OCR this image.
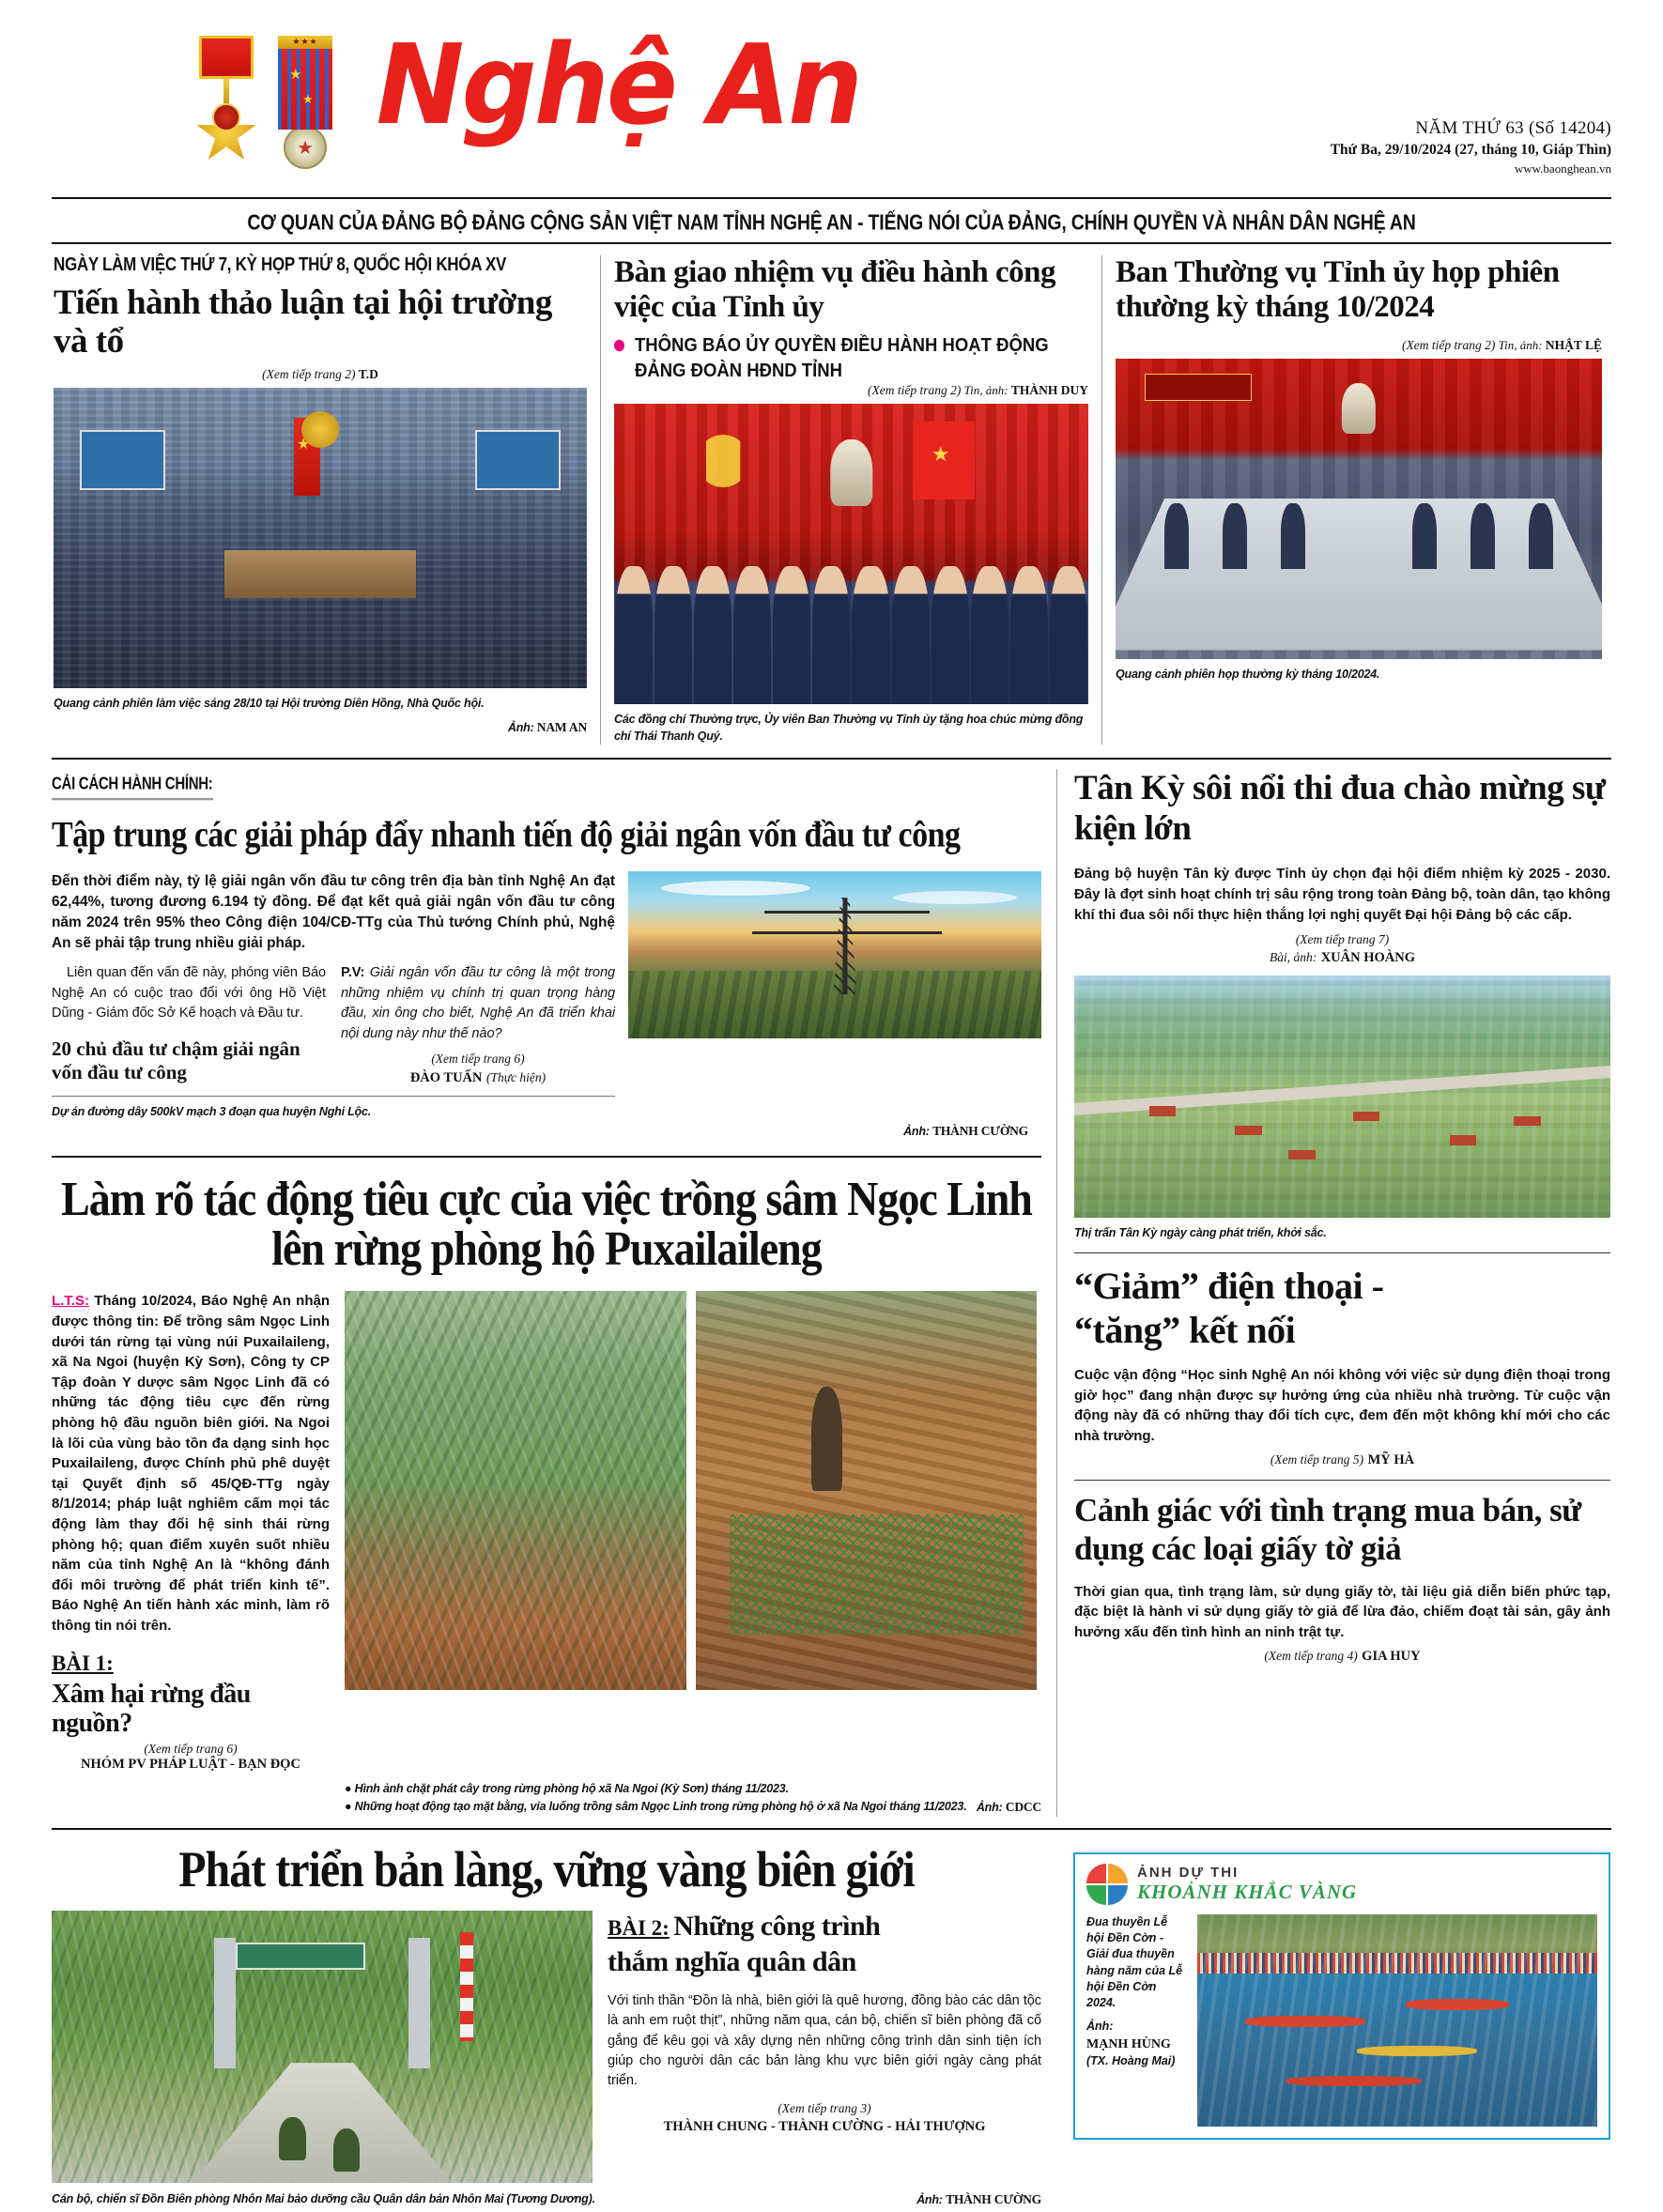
★★★
★ ★
★ Nghệ An	NĂM THỨ 63 (Số 14204)
Thứ Ba, 29/10/2024 (27, tháng 10, Giáp Thìn)
www.baonghean.vn
CƠ QUAN CỦA ĐẢNG BỘ ĐẢNG CỘNG SẢN VIỆT NAM TỈNH NGHỆ AN - TIẾNG NÓI CỦA ĐẢNG, CHÍNH QUYỀN VÀ NHÂN DÂN NGHỆ AN
NGÀY LÀM VIỆC THỨ 7, KỲ HỌP THỨ 8, QUỐC HỘI KHÓA XV
Tiến hành thảo luận tại hội trường và tổ
(Xem tiếp trang 2) T.D
★
Quang cảnh phiên làm việc sáng 28/10 tại Hội trường Diên Hồng, Nhà Quốc hội.
Ảnh: NAM AN
Bàn giao nhiệm vụ điều hành công việc của Tỉnh ủy
THÔNG BÁO ỦY QUYỀN ĐIỀU HÀNH HOẠT ĐỘNG ĐẢNG ĐOÀN HĐND TỈNH
(Xem tiếp trang 2) Tin, ảnh: THÀNH DUY
★
Các đồng chí Thường trực, Ủy viên Ban Thường vụ Tỉnh ủy tặng hoa chúc mừng đồng chí Thái Thanh Quý.
Ban Thường vụ Tỉnh ủy họp phiên thường kỳ tháng 10/2024
(Xem tiếp trang 2) Tin, ảnh: NHẬT LỆ
Quang cảnh phiên họp thường kỳ tháng 10/2024.
CẢI CÁCH HÀNH CHÍNH:
Tập trung các giải pháp đẩy nhanh tiến độ giải ngân vốn đầu tư công
Đến thời điểm này, tỷ lệ giải ngân vốn đầu tư công trên địa bàn tỉnh Nghệ An đạt 62,44%, tương đương 6.194 tỷ đồng. Để đạt kết quả giải ngân vốn đầu tư công năm 2024 trên 95% theo Công điện 104/CĐ-TTg của Thủ tướng Chính phủ, Nghệ An sẽ phải tập trung nhiều giải pháp.
Liên quan đến vấn đề này, phóng viên Báo Nghệ An có cuộc trao đổi với ông Hồ Việt Dũng - Giám đốc Sở Kế hoạch và Đầu tư.
20 chủ đầu tư chậm giải ngân vốn đầu tư công
P.V: Giải ngân vốn đầu tư công là một trong những nhiệm vụ chính trị quan trọng hàng đầu, xin ông cho biết, Nghệ An đã triển khai nội dung này như thế nào?
(Xem tiếp trang 6)
ĐÀO TUẤN (Thực hiện)
Dự án đường dây 500kV mạch 3 đoạn qua huyện Nghi Lộc.
Ảnh: THÀNH CƯỜNG
Làm rõ tác động tiêu cực của việc trồng sâm Ngọc Linh
lên rừng phòng hộ Puxailaileng
L.T.S: Tháng 10/2024, Báo Nghệ An nhận được thông tin: Để trồng sâm Ngọc Linh dưới tán rừng tại vùng núi Puxailaileng, xã Na Ngoi (huyện Kỳ Sơn), Công ty CP Tập đoàn Y dược sâm Ngọc Linh đã có những tác động tiêu cực đến rừng phòng hộ đầu nguồn biên giới. Na Ngoi là lõi của vùng bảo tồn đa dạng sinh học Puxailaileng, được Chính phủ phê duyệt tại Quyết định số 45/QĐ-TTg ngày 8/1/2014; pháp luật nghiêm cấm mọi tác động làm thay đổi hệ sinh thái rừng phòng hộ; quan điểm xuyên suốt nhiều năm của tỉnh Nghệ An là “không đánh đổi môi trường để phát triển kinh tế”. Báo Nghệ An tiến hành xác minh, làm rõ thông tin nói trên.
BÀI 1:
Xâm hại rừng đầu nguồn?
(Xem tiếp trang 6)
NHÓM PV PHÁP LUẬT - BẠN ĐỌC
● Hình ảnh chặt phát cây trong rừng phòng hộ xã Na Ngoi (Kỳ Sơn) tháng 11/2023.
● Những hoạt động tạo mặt bằng, vỉa luống trồng sâm Ngọc Linh trong rừng phòng hộ ở xã Na Ngoi tháng 11/2023. Ảnh: CDCC
Tân Kỳ sôi nổi thi đua chào mừng sự kiện lớn
Đảng bộ huyện Tân kỳ được Tỉnh ủy chọn đại hội điểm nhiệm kỳ 2025 - 2030. Đây là đợt sinh hoạt chính trị sâu rộng trong toàn Đảng bộ, toàn dân, tạo không khí thi đua sôi nổi thực hiện thắng lợi nghị quyết Đại hội Đảng bộ các cấp.
(Xem tiếp trang 7)
Bài, ảnh: XUÂN HOÀNG
Thị trấn Tân Kỳ ngày càng phát triển, khởi sắc.
“Giảm” điện thoại -
“tăng” kết nối
Cuộc vận động “Học sinh Nghệ An nói không với việc sử dụng điện thoại trong giờ học” đang nhận được sự hưởng ứng của nhiều nhà trường. Từ cuộc vận động này đã có những thay đổi tích cực, đem đến một không khí mới cho các nhà trường.
(Xem tiếp trang 5) MỸ HÀ
Cảnh giác với tình trạng mua bán, sử dụng các loại giấy tờ giả
Thời gian qua, tình trạng làm, sử dụng giấy tờ, tài liệu giả diễn biến phức tạp, đặc biệt là hành vi sử dụng giấy tờ giả để lừa đảo, chiếm đoạt tài sản, gây ảnh hưởng xấu đến tình hình an ninh trật tự.
(Xem tiếp trang 4) GIA HUY
Phát triển bản làng, vững vàng biên giới
BÀI 2: Những công trình
thắm nghĩa quân dân
Với tinh thần “Đồn là nhà, biên giới là quê hương, đồng bào các dân tộc là anh em ruột thịt”, những năm qua, cán bộ, chiến sĩ biên phòng đã cố gắng để kêu gọi và xây dựng nên những công trình dân sinh tiện ích giúp cho người dân các bản làng khu vực biên giới ngày càng phát triển.
(Xem tiếp trang 3)
THÀNH CHUNG - THÀNH CƯỜNG - HẢI THƯỢNG
Cán bộ, chiến sĩ Đồn Biên phòng Nhôn Mai bảo dưỡng cầu Quân dân bản Nhôn Mai (Tương Dương).	Ảnh: THÀNH CƯỜNG
ẢNH DỰ THI
KHOẢNH KHẮC VÀNG
Đua thuyền Lễ hội Đền Cờn - Giải đua thuyền hàng năm của Lễ hội Đền Cờn 2024.
Ảnh:
MẠNH HÙNG
(TX. Hoàng Mai)
